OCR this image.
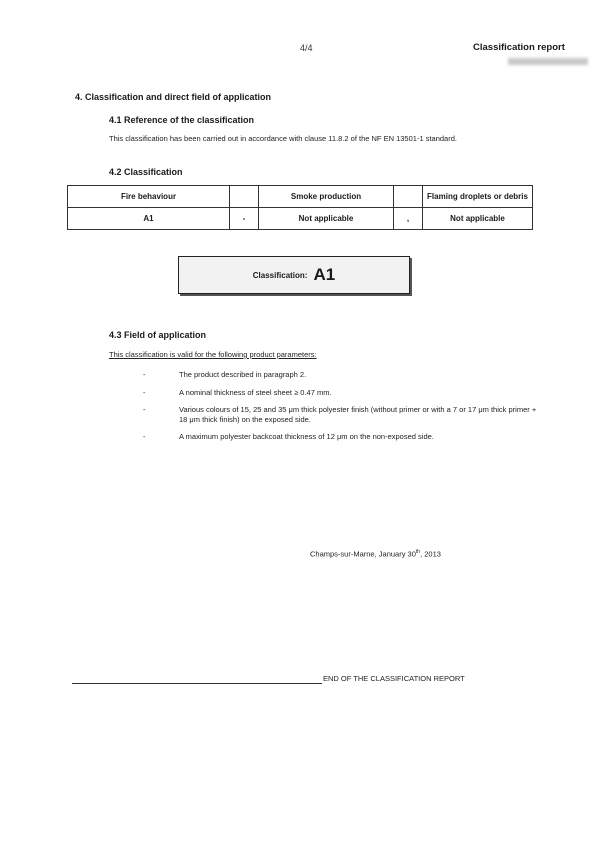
4/4	Classification report
4. Classification and direct field of application
4.1 Reference of the classification
This classification has been carried out in accordance with clause 11.8.2 of the NF EN 13501-1 standard.
4.2 Classification
Fire behaviour		Smoke production		Flaming droplets or debris
A1	-	Not applicable	,	Not applicable
Classification: A1
4.3 Field of application
This classification is valid for the following product parameters:
-	The product described in paragraph 2.
-	A nominal thickness of steel sheet ≥ 0.47 mm.
-	Various colours of 15, 25 and 35 μm thick polyester finish (without primer or with a 7 or 17 μm thick primer + 18 μm thick finish) on the exposed side.
-	A maximum polyester backcoat thickness of 12 μm on the non-exposed side.
Champs-sur-Marne, January 30th, 2013
END OF THE CLASSIFICATION REPORT
